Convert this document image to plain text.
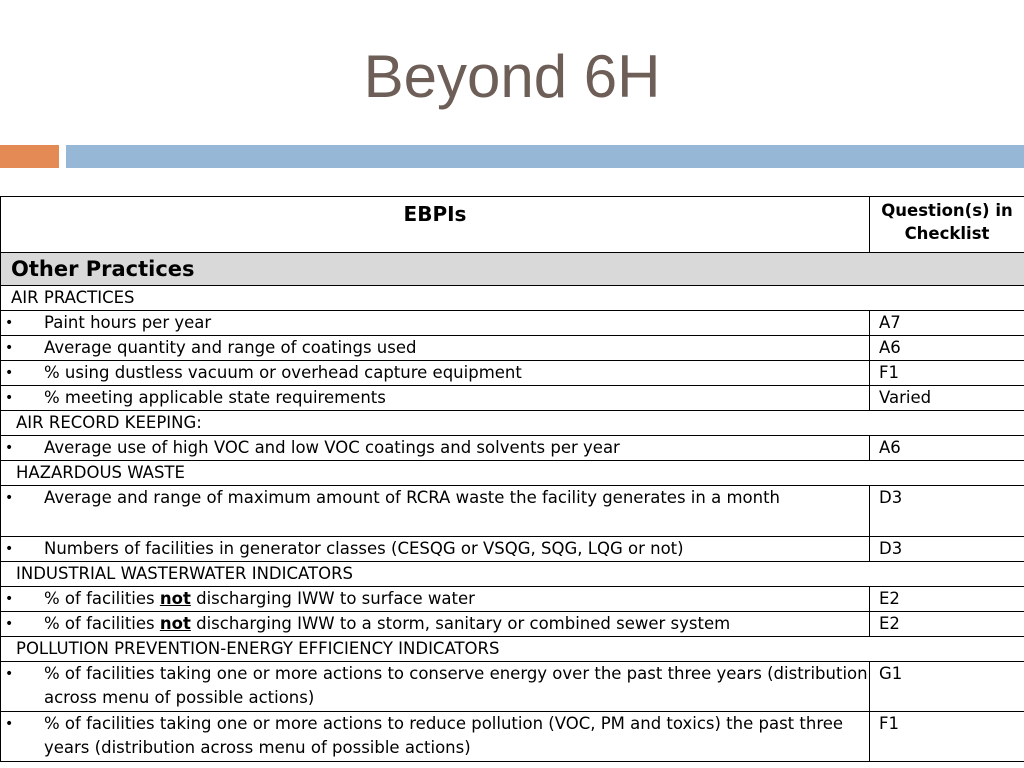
Beyond 6H
EBPIs	Question(s) in Checklist
Other Practices	
AIR PRACTICES	

• Paint hours per year	A7

• Average quantity and range of coatings used	A6

• % using dustless vacuum or overhead capture equipment	F1

• % meeting applicable state requirements	Varied
AIR RECORD KEEPING:	

• Average use of high VOC and low VOC coatings and solvents per year	A6
HAZARDOUS WASTE	

• Average and range of maximum amount of RCRA waste the facility generates in a month	D3

• Numbers of facilities in generator classes (CESQG or VSQG, SQG, LQG or not)	D3
INDUSTRIAL WASTERWATER INDICATORS	

• % of facilities not discharging IWW to surface water	E2

• % of facilities not discharging IWW to a storm, sanitary or combined sewer system	E2
POLLUTION PREVENTION-ENERGY EFFICIENCY INDICATORS	

• % of facilities taking one or more actions to conserve energy over the past three years (distribution across menu of possible actions)	G1

• % of facilities taking one or more actions to reduce pollution (VOC, PM and toxics) the past three years (distribution across menu of possible actions)	F1
